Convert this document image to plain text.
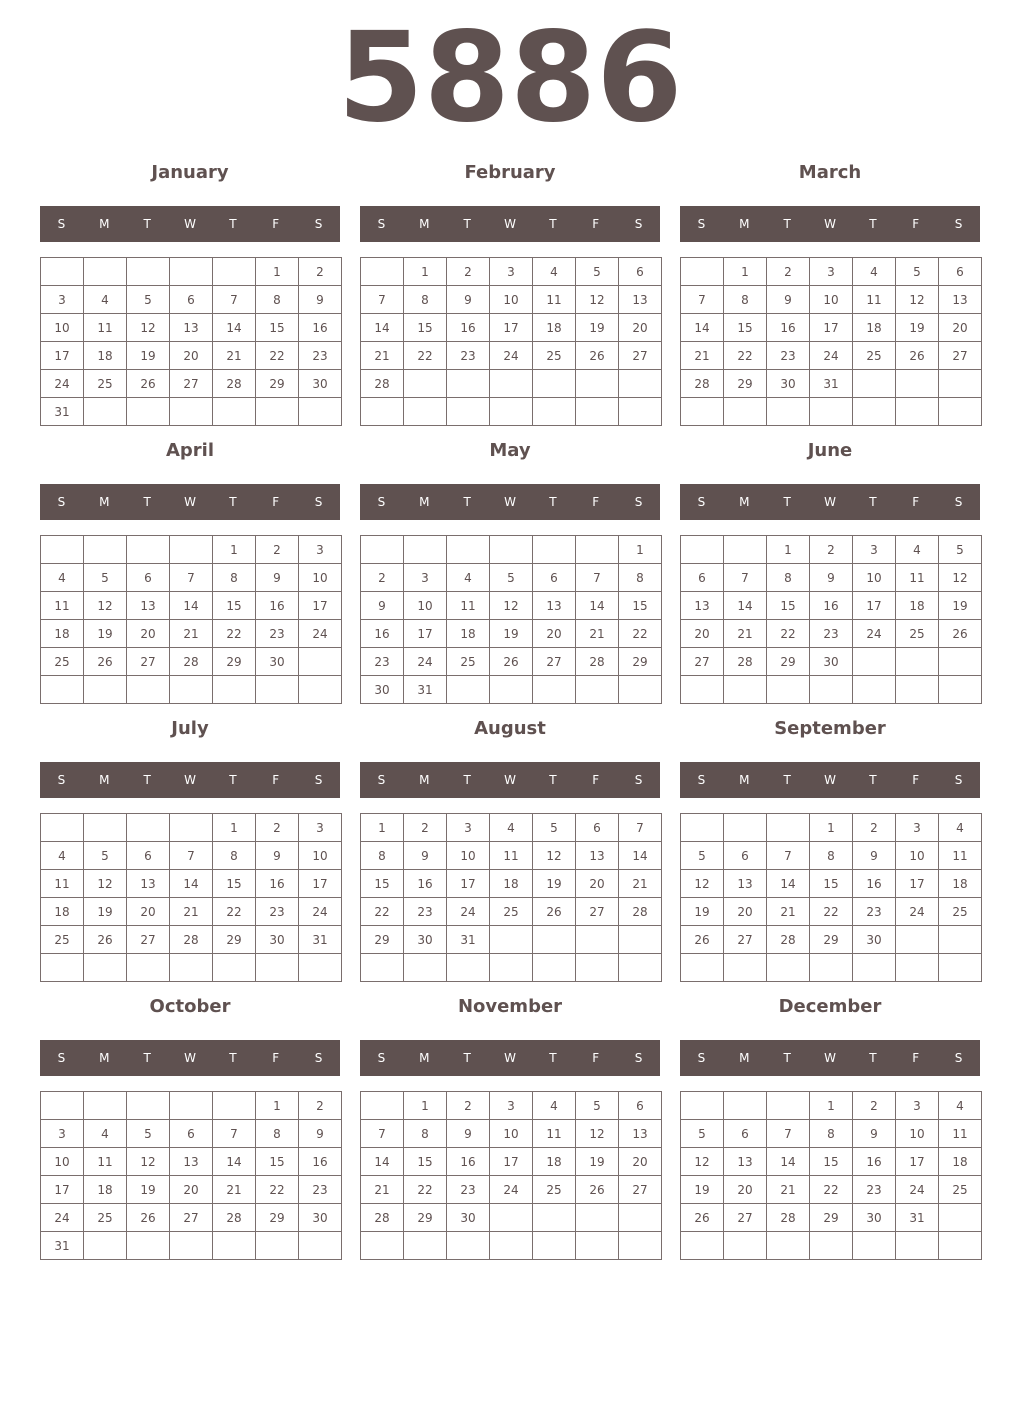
5886
January
S	M	T	W	T	F	S
					1	2
3	4	5	6	7	8	9
10	11	12	13	14	15	16
17	18	19	20	21	22	23
24	25	26	27	28	29	30
31						
February
S	M	T	W	T	F	S
	1	2	3	4	5	6
7	8	9	10	11	12	13
14	15	16	17	18	19	20
21	22	23	24	25	26	27
28						

March
S	M	T	W	T	F	S
	1	2	3	4	5	6
7	8	9	10	11	12	13
14	15	16	17	18	19	20
21	22	23	24	25	26	27
28	29	30	31			

April
S	M	T	W	T	F	S
				1	2	3
4	5	6	7	8	9	10
11	12	13	14	15	16	17
18	19	20	21	22	23	24
25	26	27	28	29	30	

May
S	M	T	W	T	F	S
						1
2	3	4	5	6	7	8
9	10	11	12	13	14	15
16	17	18	19	20	21	22
23	24	25	26	27	28	29
30	31					
June
S	M	T	W	T	F	S
		1	2	3	4	5
6	7	8	9	10	11	12
13	14	15	16	17	18	19
20	21	22	23	24	25	26
27	28	29	30			

July
S	M	T	W	T	F	S
				1	2	3
4	5	6	7	8	9	10
11	12	13	14	15	16	17
18	19	20	21	22	23	24
25	26	27	28	29	30	31

August
S	M	T	W	T	F	S
1	2	3	4	5	6	7
8	9	10	11	12	13	14
15	16	17	18	19	20	21
22	23	24	25	26	27	28
29	30	31				

September
S	M	T	W	T	F	S
			1	2	3	4
5	6	7	8	9	10	11
12	13	14	15	16	17	18
19	20	21	22	23	24	25
26	27	28	29	30		

October
S	M	T	W	T	F	S
					1	2
3	4	5	6	7	8	9
10	11	12	13	14	15	16
17	18	19	20	21	22	23
24	25	26	27	28	29	30
31						
November
S	M	T	W	T	F	S
	1	2	3	4	5	6
7	8	9	10	11	12	13
14	15	16	17	18	19	20
21	22	23	24	25	26	27
28	29	30				

December
S	M	T	W	T	F	S
			1	2	3	4
5	6	7	8	9	10	11
12	13	14	15	16	17	18
19	20	21	22	23	24	25
26	27	28	29	30	31	
